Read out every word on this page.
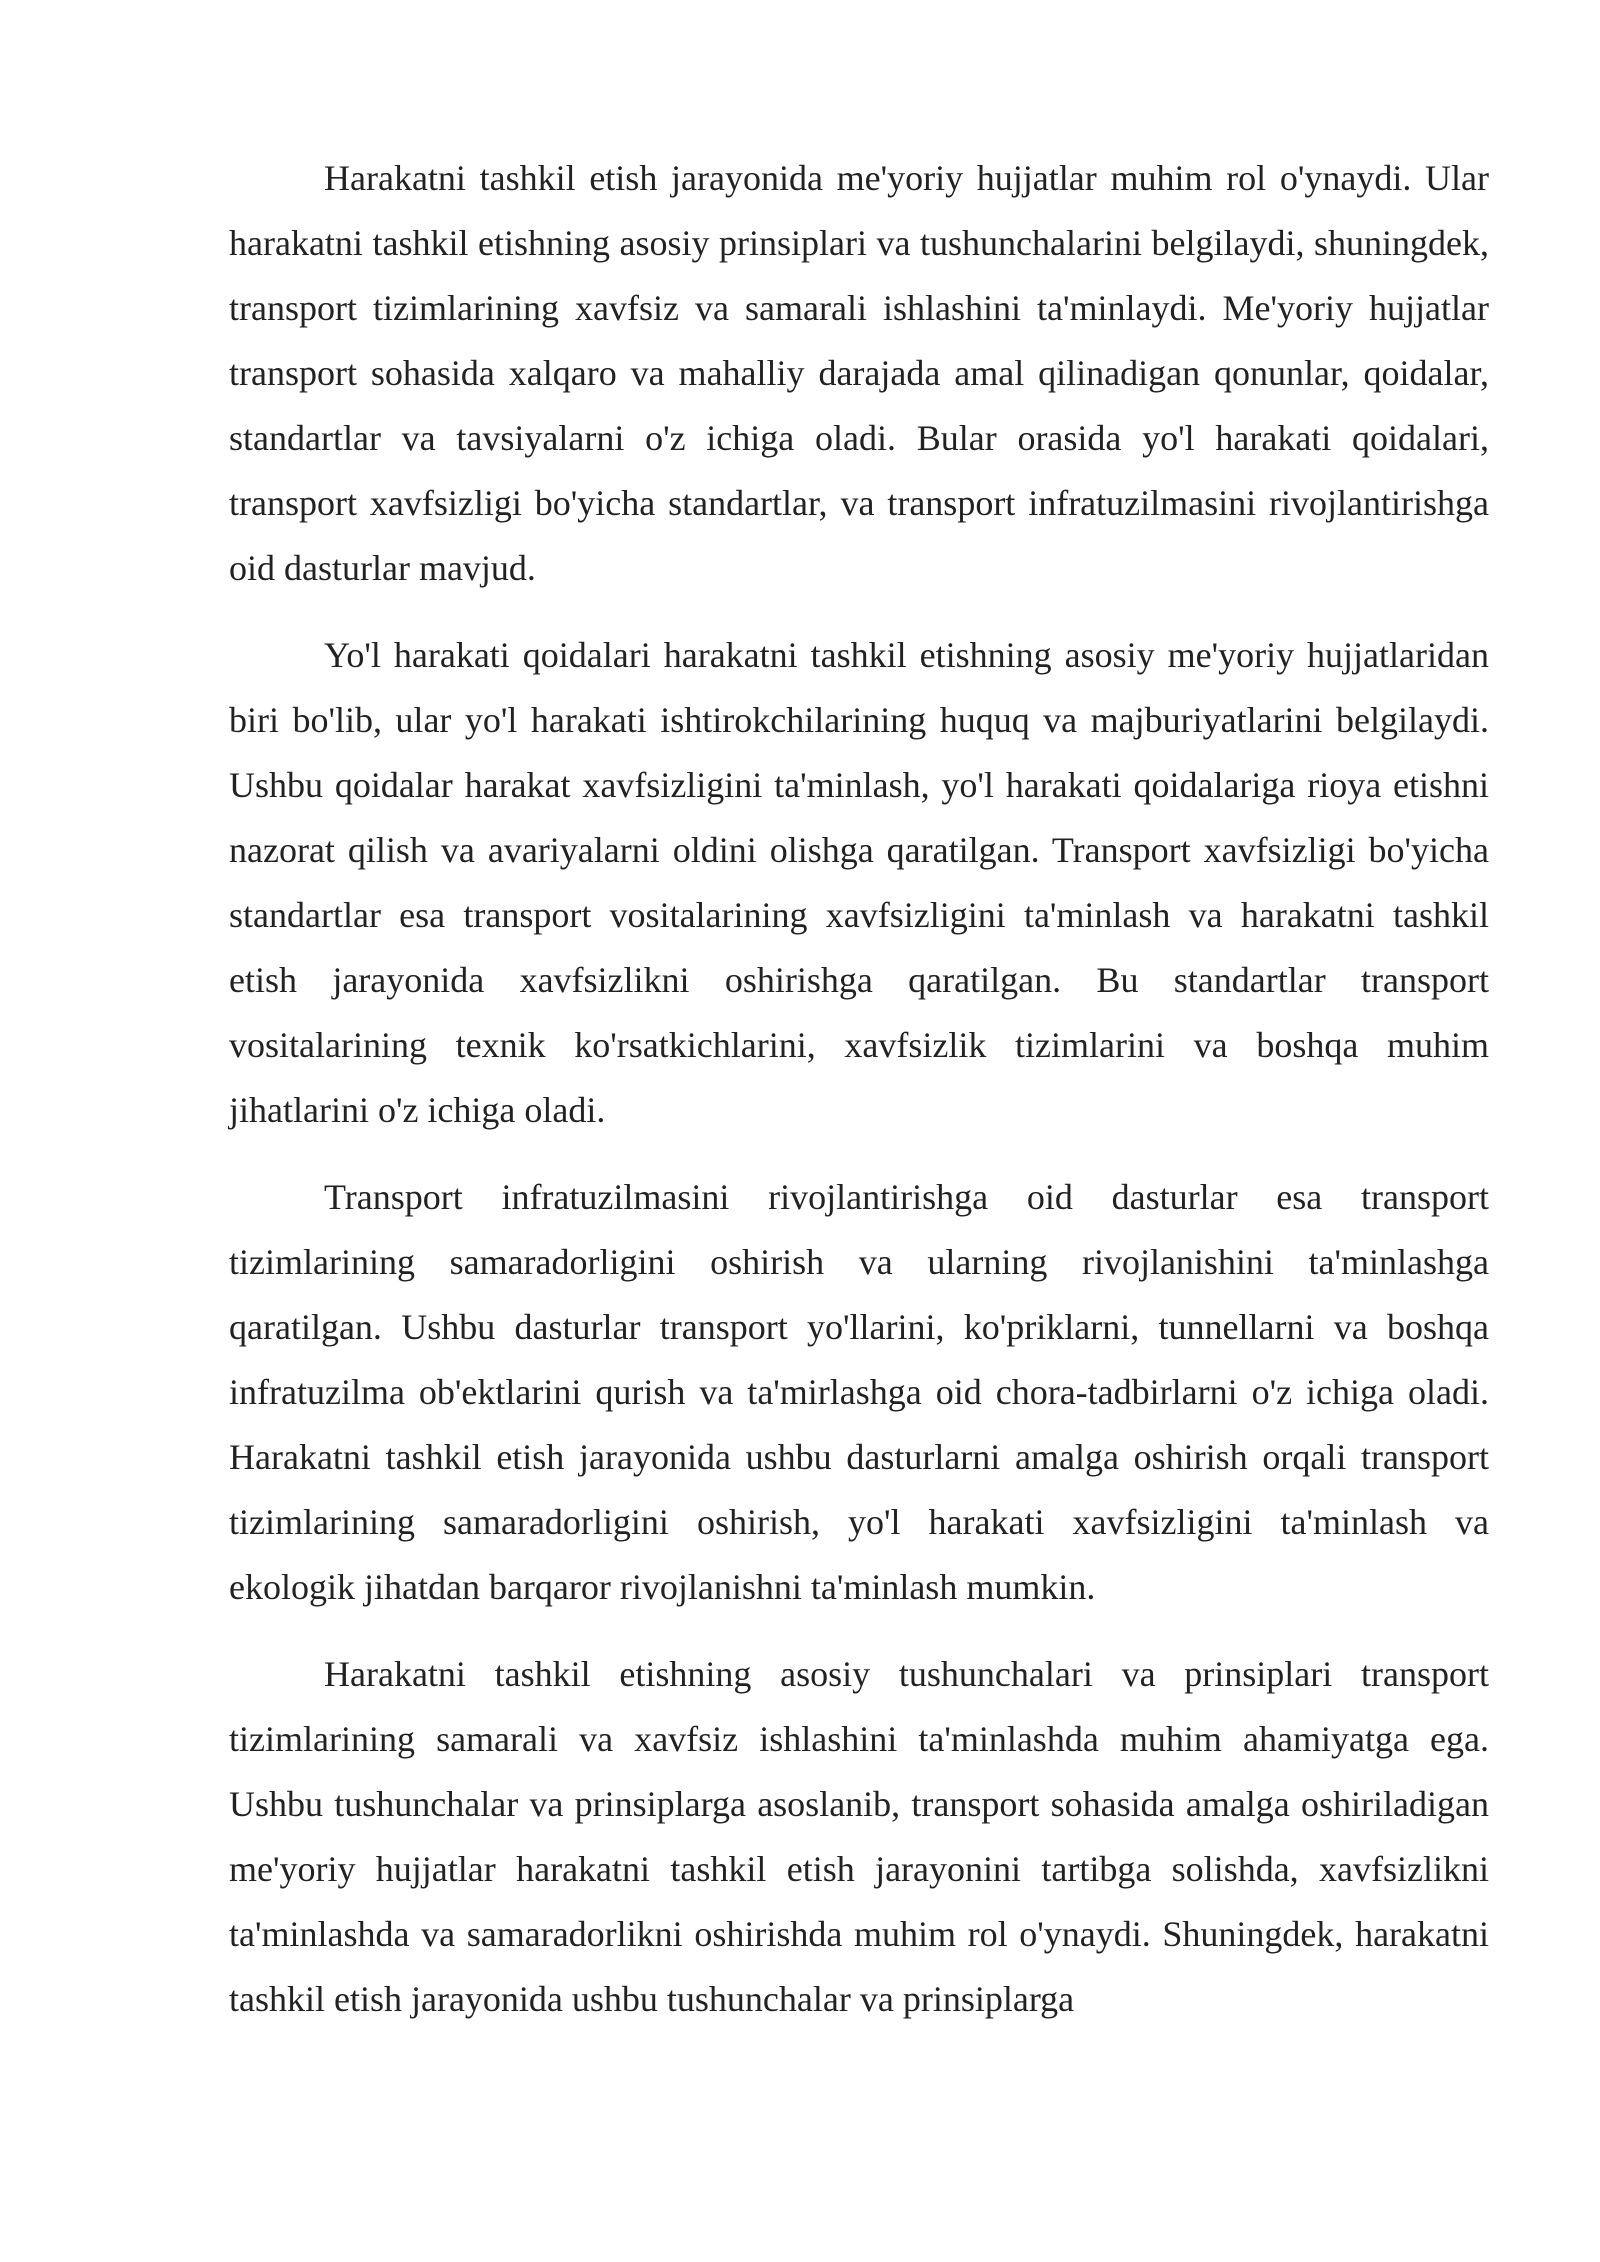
Harakatni tashkil etish jarayonida me'yoriy hujjatlar muhim rol o'ynaydi. Ular harakatni tashkil etishning asosiy prinsiplari va tushunchalarini belgilaydi, shuningdek, transport tizimlarining xavfsiz va samarali ishlashini ta'minlaydi. Me'yoriy hujjatlar transport sohasida xalqaro va mahalliy darajada amal qilinadigan qonunlar, qoidalar, standartlar va tavsiyalarni o'z ichiga oladi. Bular orasida yo'l harakati qoidalari, transport xavfsizligi bo'yicha standartlar, va transport infratuzilmasini rivojlantirishga oid dasturlar mavjud.

Yo'l harakati qoidalari harakatni tashkil etishning asosiy me'yoriy hujjatlaridan biri bo'lib, ular yo'l harakati ishtirokchilarining huquq va majburiyatlarini belgilaydi. Ushbu qoidalar harakat xavfsizligini ta'minlash, yo'l harakati qoidalariga rioya etishni nazorat qilish va avariyalarni oldini olishga qaratilgan. Transport xavfsizligi bo'yicha standartlar esa transport vositalarining xavfsizligini ta'minlash va harakatni tashkil etish jarayonida xavfsizlikni oshirishga qaratilgan. Bu standartlar transport vositalarining texnik ko'rsatkichlarini, xavfsizlik tizimlarini va boshqa muhim jihatlarini o'z ichiga oladi.

Transport infratuzilmasini rivojlantirishga oid dasturlar esa transport tizimlarining samaradorligini oshirish va ularning rivojlanishini ta'minlashga qaratilgan. Ushbu dasturlar transport yo'llarini, ko'priklarni, tunnellarni va boshqa infratuzilma ob'ektlarini qurish va ta'mirlashga oid chora-tadbirlarni o'z ichiga oladi. Harakatni tashkil etish jarayonida ushbu dasturlarni amalga oshirish orqali transport tizimlarining samaradorligini oshirish, yo'l harakati xavfsizligini ta'minlash va ekologik jihatdan barqaror rivojlanishni ta'minlash mumkin.

Harakatni tashkil etishning asosiy tushunchalari va prinsiplari transport tizimlarining samarali va xavfsiz ishlashini ta'minlashda muhim ahamiyatga ega. Ushbu tushunchalar va prinsiplarga asoslanib, transport sohasida amalga oshiriladigan me'yoriy hujjatlar harakatni tashkil etish jarayonini tartibga solishda, xavfsizlikni ta'minlashda va samaradorlikni oshirishda muhim rol o'ynaydi. Shuningdek, harakatni tashkil etish jarayonida ushbu tushunchalar va prinsiplarga
